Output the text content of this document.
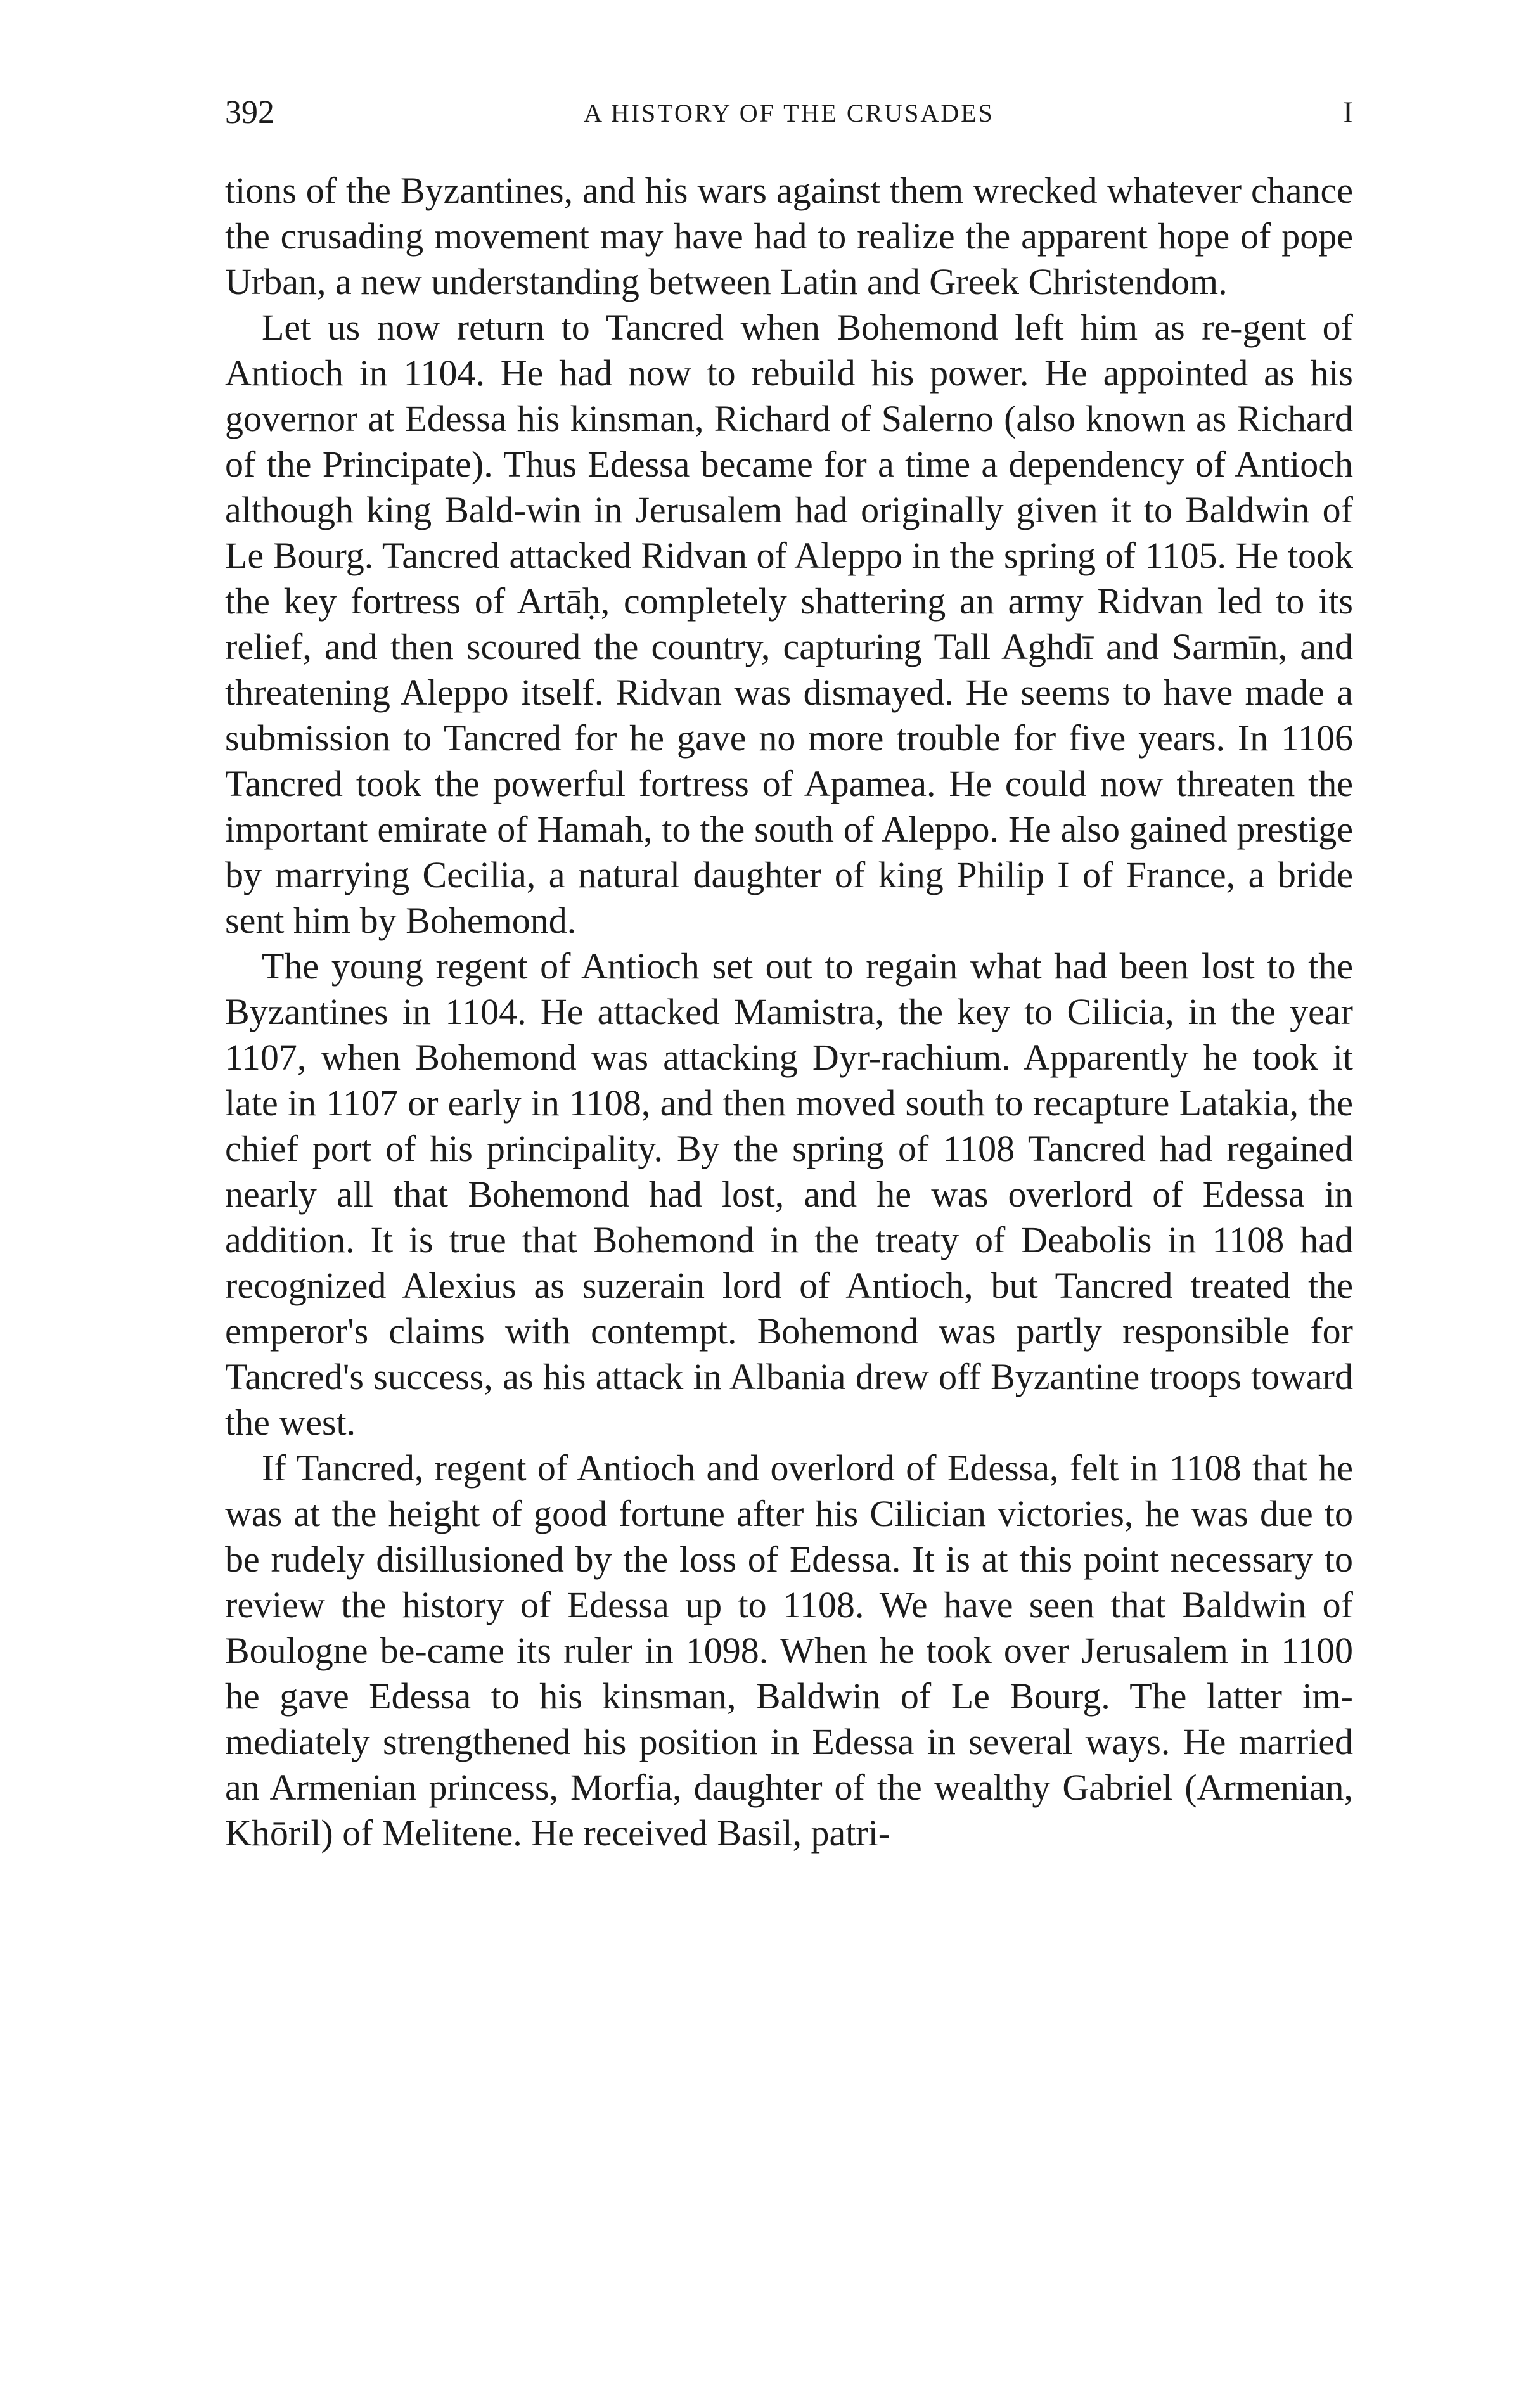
392	A HISTORY OF THE CRUSADES	I

tions of the Byzantines, and his wars against them wrecked whatever chance the crusading movement may have had to realize the apparent hope of pope Urban, a new understanding between Latin and Greek Christendom.

Let us now return to Tancred when Bohemond left him as re-gent of Antioch in 1104. He had now to rebuild his power. He appointed as his governor at Edessa his kinsman, Richard of Salerno (also known as Richard of the Principate). Thus Edessa became for a time a dependency of Antioch although king Bald-win in Jerusalem had originally given it to Baldwin of Le Bourg. Tancred attacked Ridvan of Aleppo in the spring of 1105. He took the key fortress of Artāḥ, completely shattering an army Ridvan led to its relief, and then scoured the country, capturing Tall Aghdī and Sarmīn, and threatening Aleppo itself. Ridvan was dismayed. He seems to have made a submission to Tancred for he gave no more trouble for five years. In 1106 Tancred took the powerful fortress of Apamea. He could now threaten the important emirate of Hamah, to the south of Aleppo. He also gained prestige by marrying Cecilia, a natural daughter of king Philip I of France, a bride sent him by Bohemond.

The young regent of Antioch set out to regain what had been lost to the Byzantines in 1104. He attacked Mamistra, the key to Cilicia, in the year 1107, when Bohemond was attacking Dyr-rachium. Apparently he took it late in 1107 or early in 1108, and then moved south to recapture Latakia, the chief port of his principality. By the spring of 1108 Tancred had regained nearly all that Bohemond had lost, and he was overlord of Edessa in addition. It is true that Bohemond in the treaty of Deabolis in 1108 had recognized Alexius as suzerain lord of Antioch, but Tancred treated the emperor's claims with contempt. Bohemond was partly responsible for Tancred's success, as his attack in Albania drew off Byzantine troops toward the west.

If Tancred, regent of Antioch and overlord of Edessa, felt in 1108 that he was at the height of good fortune after his Cilician victories, he was due to be rudely disillusioned by the loss of Edessa. It is at this point necessary to review the history of Edessa up to 1108. We have seen that Baldwin of Boulogne be-came its ruler in 1098. When he took over Jerusalem in 1100 he gave Edessa to his kinsman, Baldwin of Le Bourg. The latter im-mediately strengthened his position in Edessa in several ways. He married an Armenian princess, Morfia, daughter of the wealthy Gabriel (Armenian, Khōril) of Melitene. He received Basil, patri-
